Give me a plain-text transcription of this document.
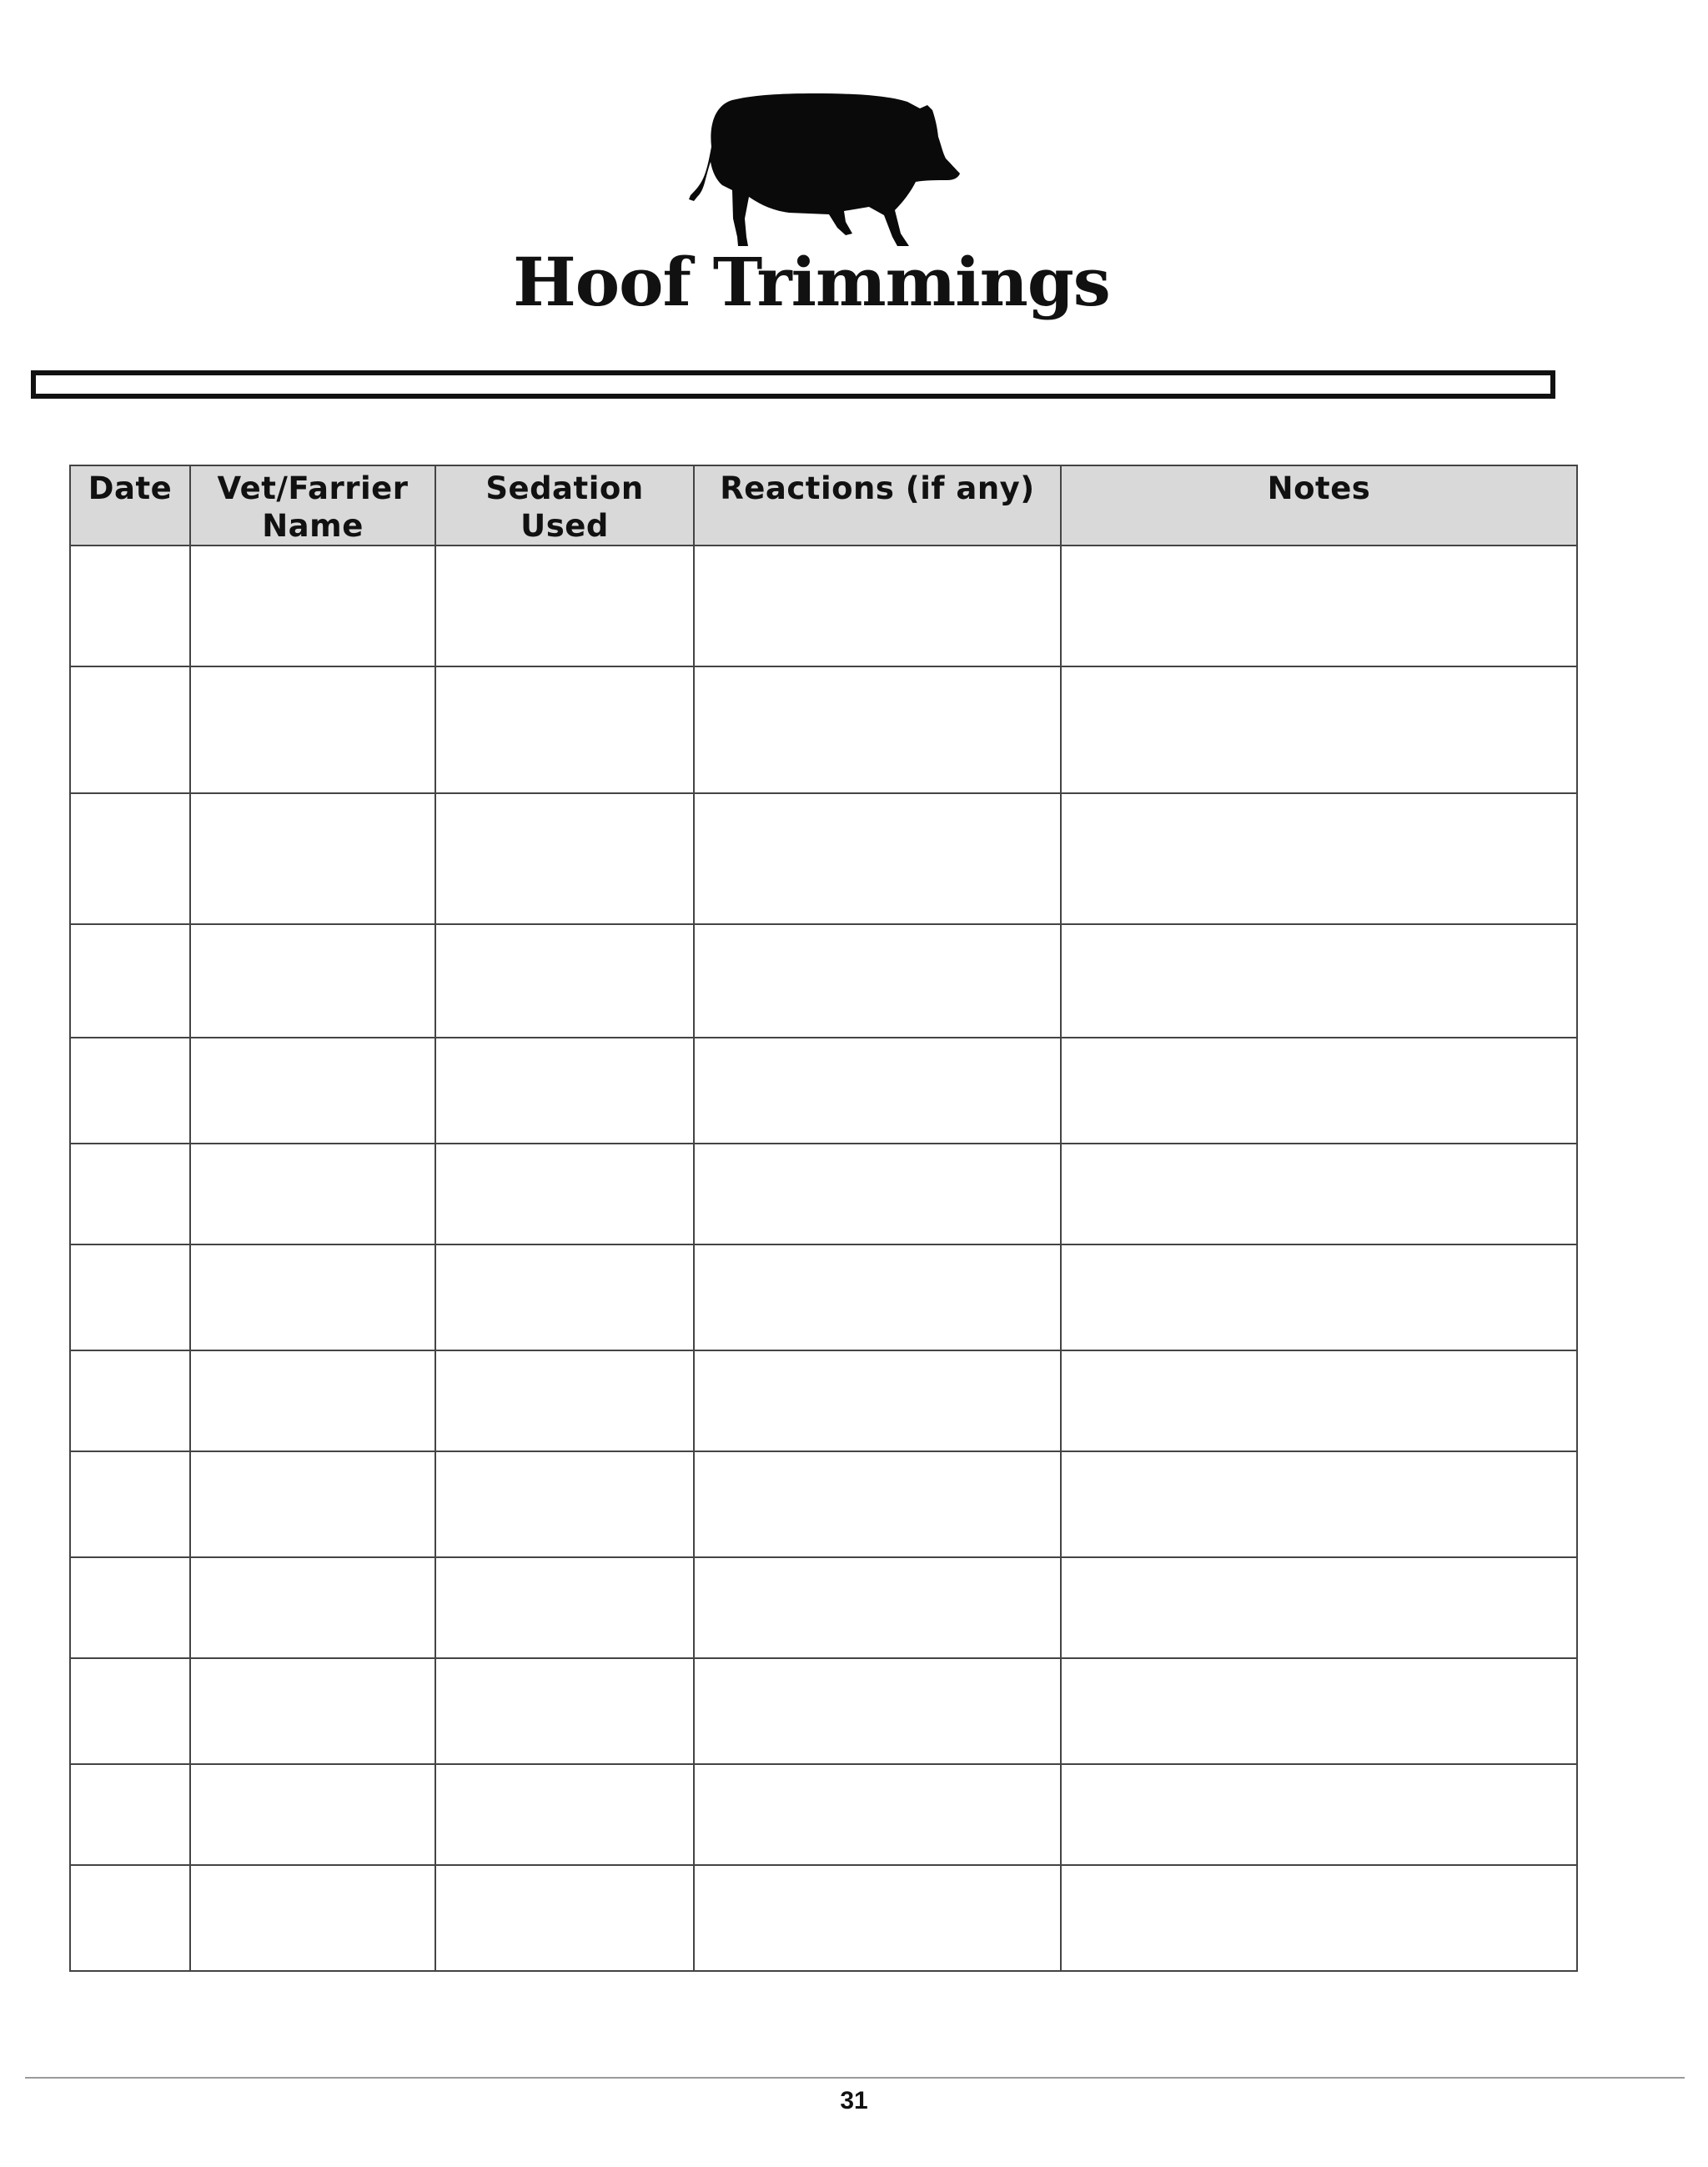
Hoof Trimmings
Date	Vet/Farrier Name	Sedation Used	Reactions (if any)	Notes

31
